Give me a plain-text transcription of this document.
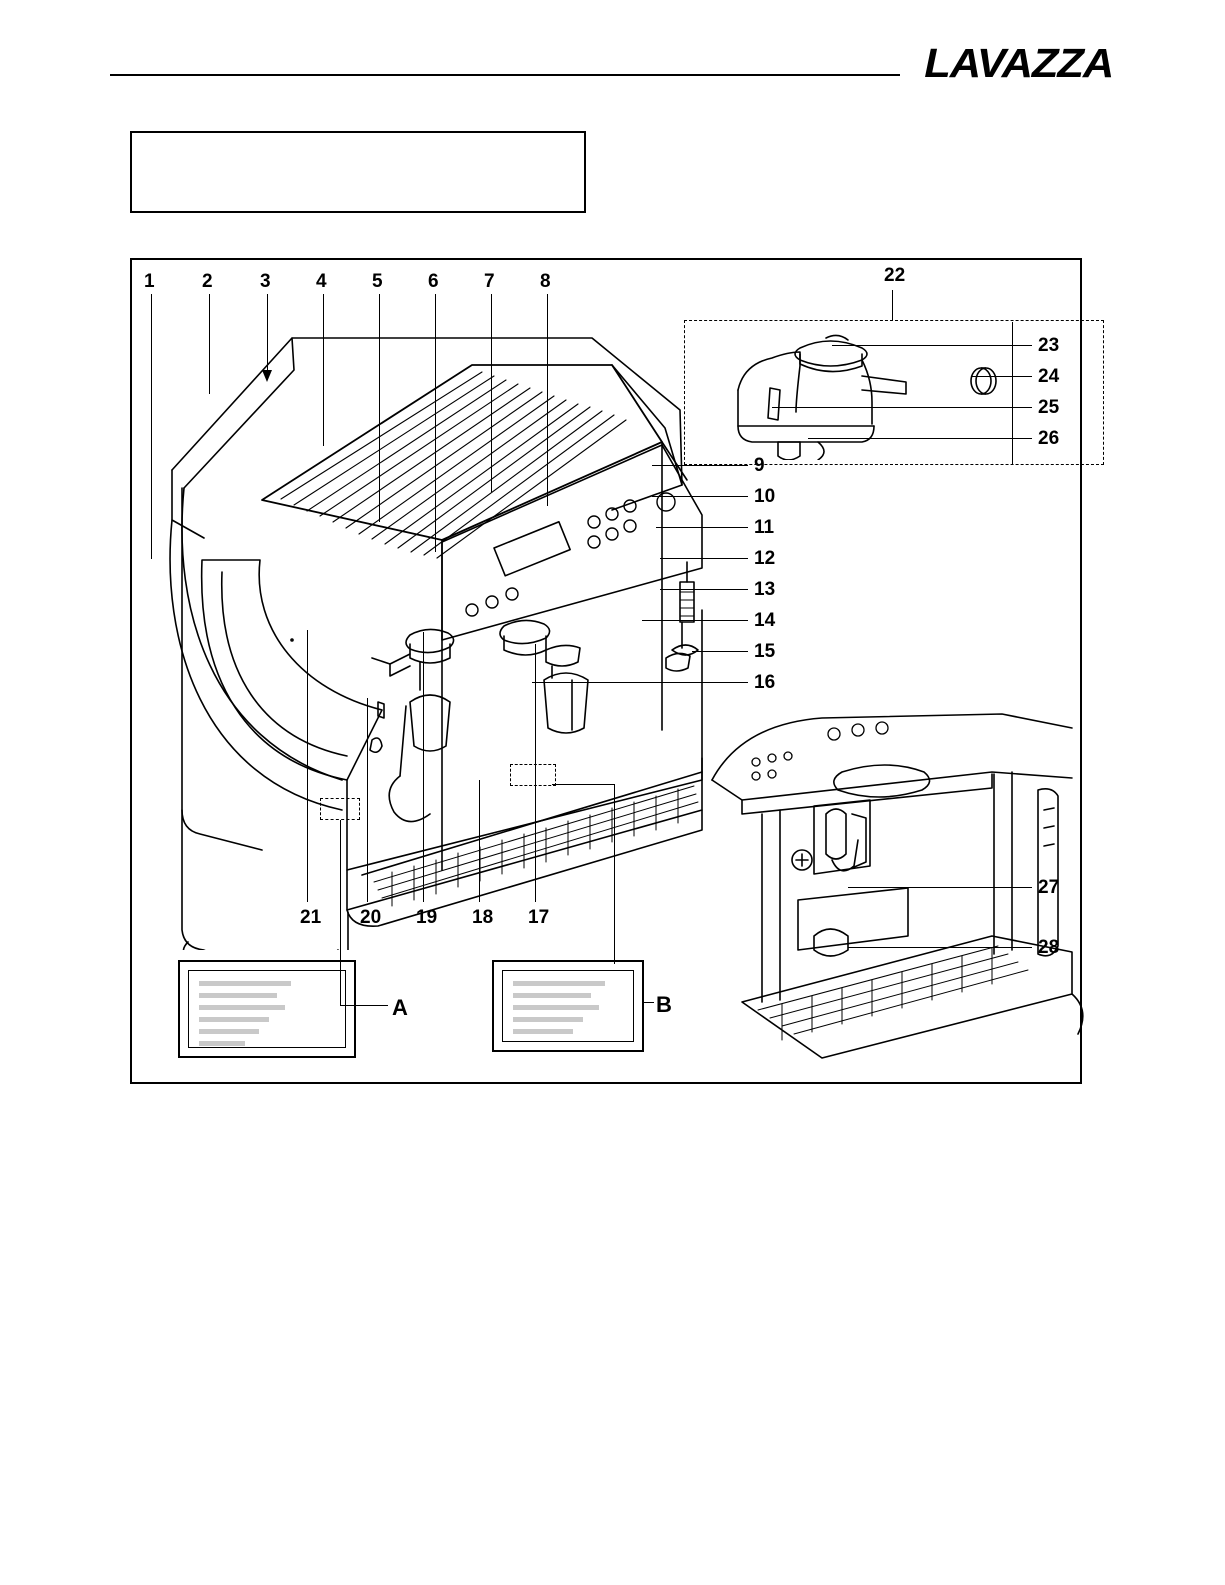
LAVAZZA
1 2 3 4 5 6 7 8
9
10
11
12
13
14
15
16
21 20 19 18 17
22
23
24
25
26
27
28
A	B
